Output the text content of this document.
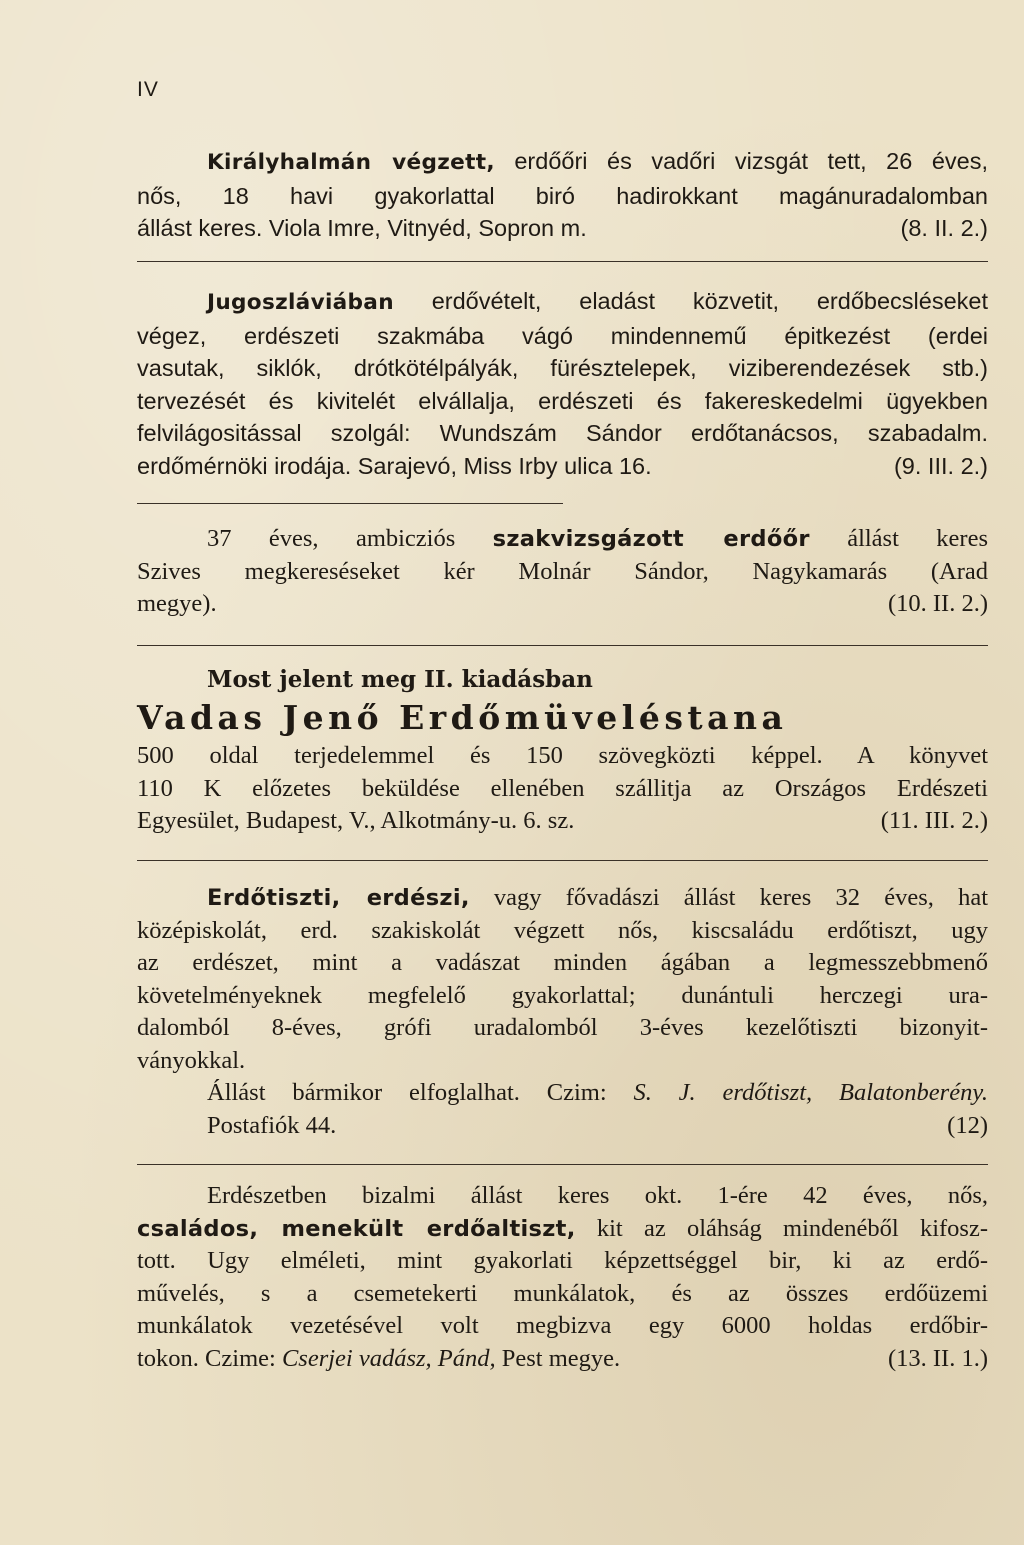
IV

Királyhalmán végzett, erdőőri és vadőri vizsgát tett, 26 éves,

nős, 18 havi gyakorlattal biró hadirokkant magánuradalomban

állást keres. Viola Imre, Vitnyéd, Sopron m.	(8. II. 2.)

Jugoszláviában erdővételt, eladást közvetit, erdőbecsléseket

végez, erdészeti szakmába vágó mindennemű épitkezést (erdei

vasutak, siklók, drótkötélpályák, fürésztelepek, viziberendezések stb.)

tervezését és kivitelét elvállalja, erdészeti és fakereskedelmi ügyekben

felvilágositással szolgál: Wundszám Sándor erdőtanácsos, szabadalm.

erdőmérnöki irodája. Sarajevó, Miss Irby ulica 16.	(9. III. 2.)

37 éves, ambicziós szakvizsgázott erdőőr állást keres

Szives megkereséseket kér Molnár Sándor, Nagykamarás (Arad

megye).	(10. II. 2.)

Most jelent meg II. kiadásban

Vadas Jenő Erdőmüveléstana

500 oldal terjedelemmel és 150 szövegközti képpel. A könyvet

110 K előzetes beküldése ellenében szállitja az Országos Erdészeti

Egyesület, Budapest, V., Alkotmány-u. 6. sz.	(11. III. 2.)

Erdőtiszti, erdészi, vagy fővadászi állást keres 32 éves, hat

középiskolát, erd. szakiskolát végzett nős, kiscsaládu erdőtiszt, ugy

az erdészet, mint a vadászat minden ágában a legmesszebbmenő

követelményeknek megfelelő gyakorlattal; dunántuli herczegi ura-

dalomból 8-éves, grófi uradalomból 3-éves kezelőtiszti bizonyit-

ványokkal.

Állást bármikor elfoglalhat. Czim: S. J. erdőtiszt, Balatonberény.

Postafiók 44.	(12)

Erdészetben bizalmi állást keres okt. 1-ére 42 éves, nős,

családos, menekült erdőaltiszt, kit az oláhság mindenéből kifosz-

tott. Ugy elméleti, mint gyakorlati képzettséggel bir, ki az erdő-

művelés, s a csemetekerti munkálatok, és az összes erdőüzemi

munkálatok vezetésével volt megbizva egy 6000 holdas erdőbir-

tokon. Czime: Cserjei vadász, Pánd, Pest megye.	(13. II. 1.)
